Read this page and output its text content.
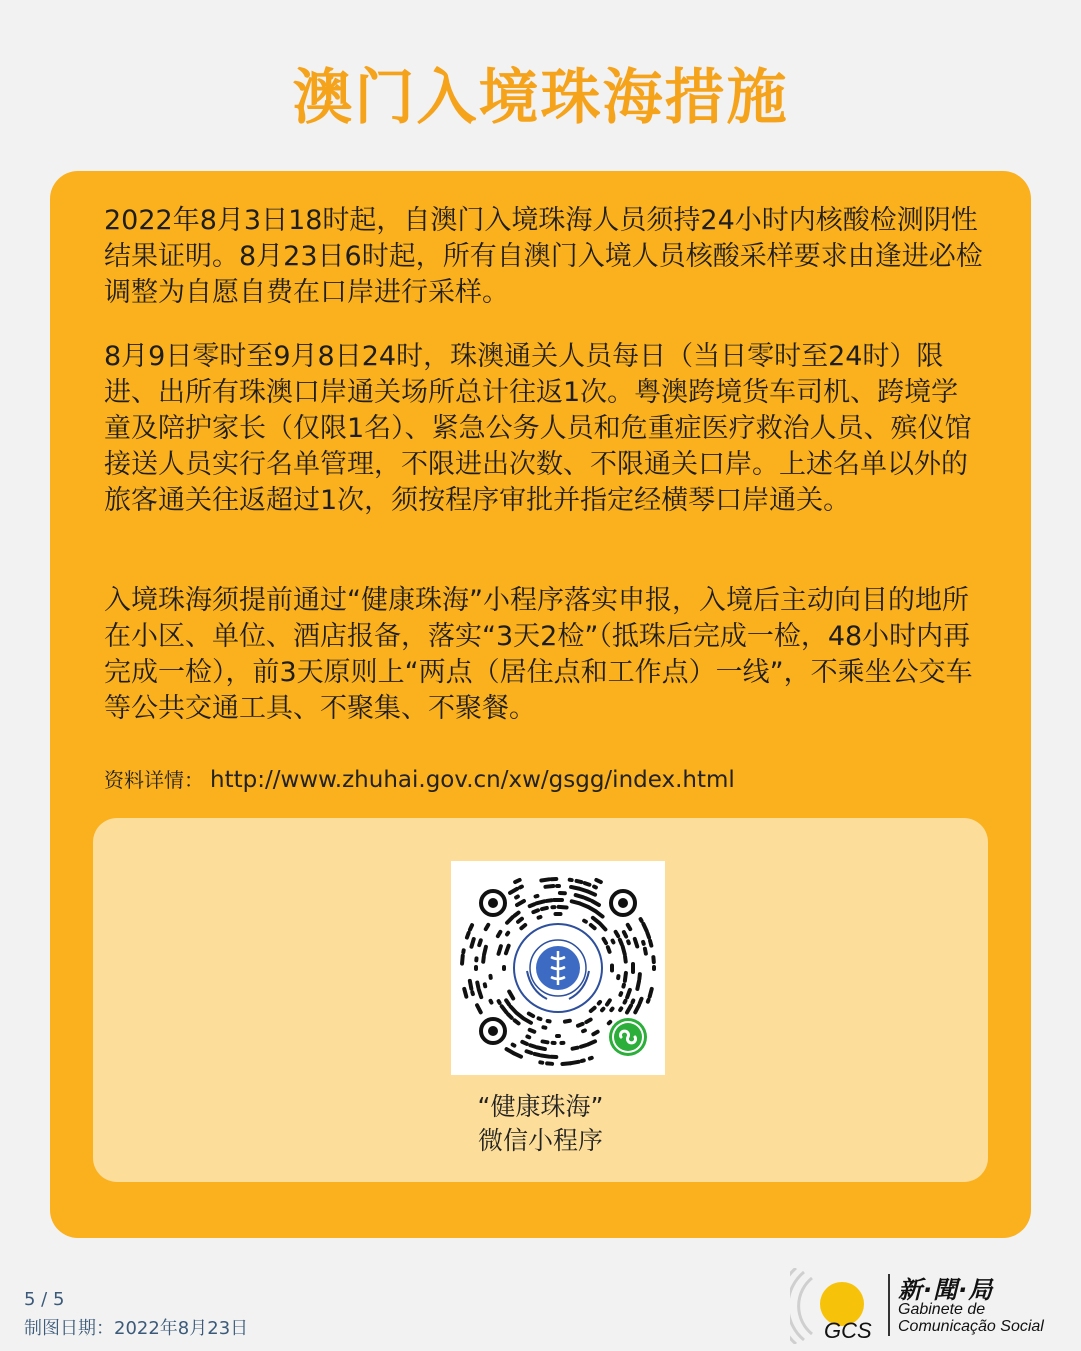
澳门入境珠海措施

2022年8月3日18时起，自澳门入境珠海人员须持24小时内核酸检测阴性结果证明。8月23日6时起，所有自澳门入境人员核酸采样要求由逢进必检调整为自愿自费在口岸进行采样。

8月9日零时至9月8日24时，珠澳通关人员每日（当日零时至24时）限进、出所有珠澳口岸通关场所总计往返1次。粤澳跨境货车司机、跨境学童及陪护家长（仅限1名）、紧急公务人员和危重症医疗救治人员、殡仪馆接送人员实行名单管理，不限进出次数、不限通关口岸。上述名单以外的旅客通关往返超过1次，须按程序审批并指定经横琴口岸通关。

入境珠海须提前通过“健康珠海”小程序落实申报，入境后主动向目的地所在小区、单位、酒店报备，落实“3天2检”（抵珠后完成一检，48小时内再完成一检），前3天原则上“两点（居住点和工作点）一线”，不乘坐公交车等公共交通工具、不聚集、不聚餐。

资料详情： http://www.zhuhai.gov.cn/xw/gsgg/index.html
“健康珠海”
微信小程序
5 / 5
制图日期：2022年8月23日	GCS
新·聞·局
Gabinete de
Comunicação Social
